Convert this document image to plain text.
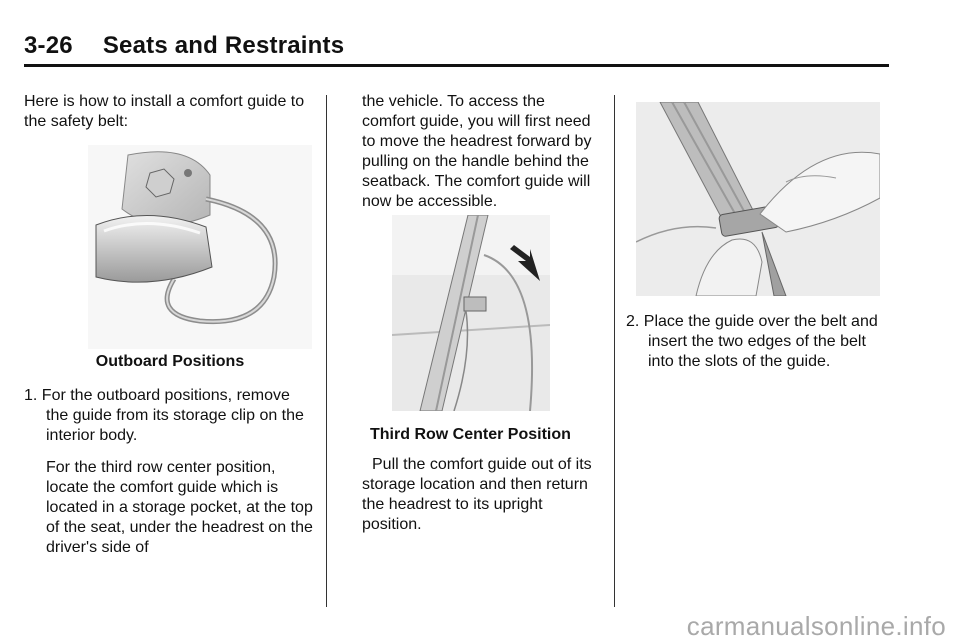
3-26 Seats and Restraints

Here is how to install a comfort guide to the safety belt:

Outboard Positions

1. For the outboard positions, remove the guide from its storage clip on the interior body.

For the third row center position, locate the comfort guide which is located in a storage pocket, at the top of the seat, under the headrest on the driver's side of

the vehicle. To access the comfort guide, you will first need to move the headrest forward by pulling on the handle behind the seatback. The comfort guide will now be accessible.

Third Row Center Position

Pull the comfort guide out of its storage location and then return the headrest to its upright position.

2. Place the guide over the belt and insert the two edges of the belt into the slots of the guide.

carmanualsonline.info
